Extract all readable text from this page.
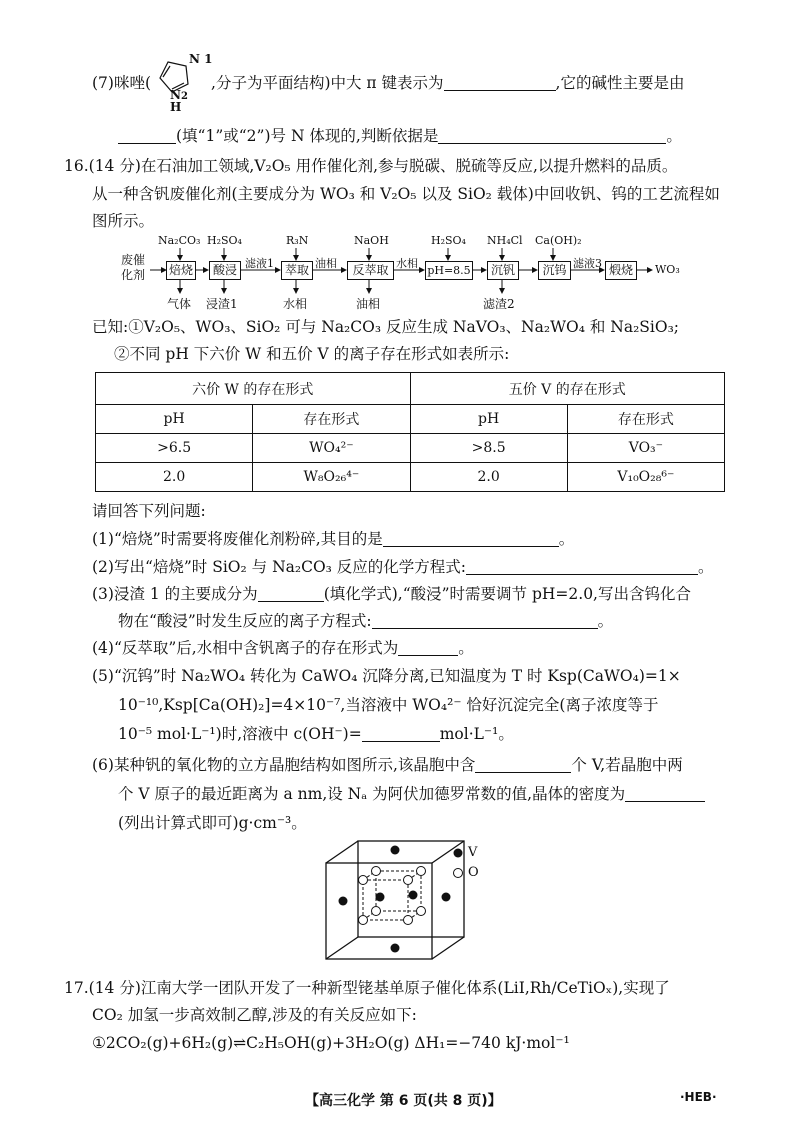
(7)咪唑(	,分子为平面结构)中大 π 键表示为	,它的碱性主要是由
N 1
N2
H
(填“1”或“2”)号 N 体现的,判断依据是	。
16.(14 分)在石油加工领域,V₂O₅ 用作催化剂,参与脱碳、脱硫等反应,以提升燃料的品质。
从一种含钒废催化剂(主要成分为 WO₃ 和 V₂O₅ 以及 SiO₂ 载体)中回收钒、钨的工艺流程如
图所示。
废催
化剂 焙烧	酸浸	萃取	反萃取	pH=8.5	沉钒	沉钨	煅烧	WO₃
Na₂CO₃ H₂SO₄	R₃N	NaOH	H₂SO₄ NH₄Cl Ca(OH)₂
滤液1	油相	水相	滤液3
气体 浸渣1	水相	油相	滤渣2
已知:①V₂O₅、WO₃、SiO₂ 可与 Na₂CO₃ 反应生成 NaVO₃、Na₂WO₄ 和 Na₂SiO₃;
②不同 pH 下六价 W 和五价 V 的离子存在形式如表所示:
六价 W 的存在形式		五价 V 的存在形式	
pH	存在形式	pH	存在形式
>6.5	WO₄²⁻	>8.5	VO₃⁻
2.0	W₈O₂₆⁴⁻	2.0	V₁₀O₂₈⁶⁻
请回答下列问题:
(1)“焙烧”时需要将废催化剂粉碎,其目的是	。
(2)写出“焙烧”时 SiO₂ 与 Na₂CO₃ 反应的化学方程式:	。
(3)浸渣 1 的主要成分为	(填化学式),“酸浸”时需要调节 pH=2.0,写出含钨化合
物在“酸浸”时发生反应的离子方程式:	。
(4)“反萃取”后,水相中含钒离子的存在形式为	。
(5)“沉钨”时 Na₂WO₄ 转化为 CaWO₄ 沉降分离,已知温度为 T 时 Ksp(CaWO₄)=1×
10⁻¹⁰,Ksp[Ca(OH)₂]=4×10⁻⁷,当溶液中 WO₄²⁻ 恰好沉淀完全(离子浓度等于
10⁻⁵ mol·L⁻¹)时,溶液中 c(OH⁻)=	mol·L⁻¹。
(6)某种钒的氧化物的立方晶胞结构如图所示,该晶胞中含	个 V,若晶胞中两
个 V 原子的最近距离为 a nm,设 Nₐ 为阿伏加德罗常数的值,晶体的密度为
(列出计算式即可)g·cm⁻³。
V
O
17.(14 分)江南大学一团队开发了一种新型铑基单原子催化体系(LiI,Rh/CeTiOₓ),实现了
CO₂ 加氢一步高效制乙醇,涉及的有关反应如下:
①2CO₂(g)+6H₂(g)⇌C₂H₅OH(g)+3H₂O(g) ΔH₁=−740 kJ·mol⁻¹
【高三化学 第 6 页(共 8 页)】	·HEB·
